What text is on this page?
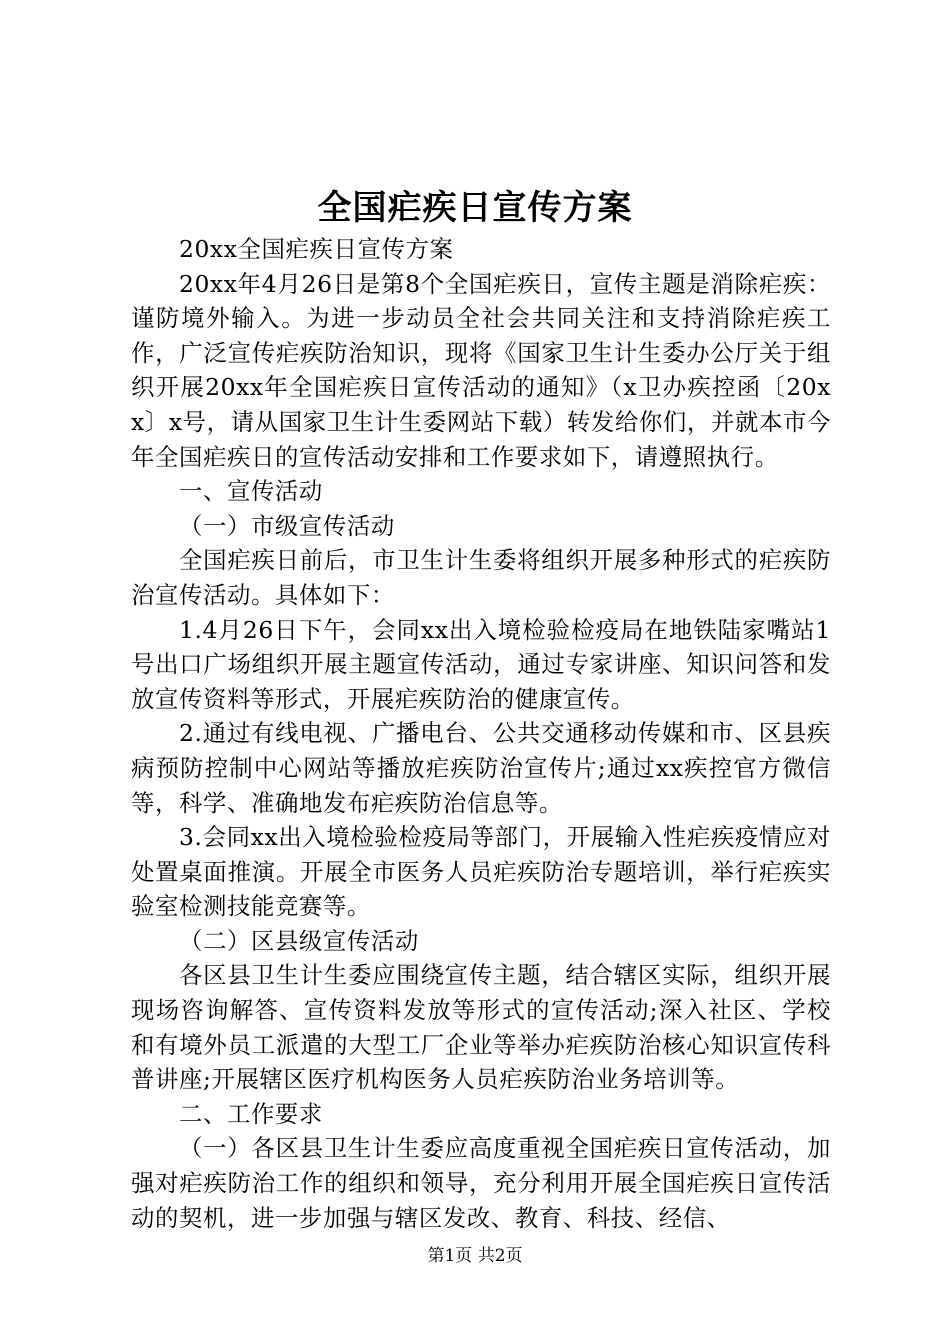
全国疟疾日宣传方案

20xx全国疟疾日宣传方案

20xx年4月26日是第8个全国疟疾日，宣传主题是消除疟疾：谨防境外输入。为进一步动员全社会共同关注和支持消除疟疾工作，广泛宣传疟疾防治知识，现将《国家卫生计生委办公厅关于组织开展20xx年全国疟疾日宣传活动的通知》（x卫办疾控函〔20xx〕x号，请从国家卫生计生委网站下载）转发给你们，并就本市今年全国疟疾日的宣传活动安排和工作要求如下，请遵照执行。

一、宣传活动

（一）市级宣传活动

全国疟疾日前后，市卫生计生委将组织开展多种形式的疟疾防治宣传活动。具体如下：

1.4月26日下午，会同xx出入境检验检疫局在地铁陆家嘴站1号出口广场组织开展主题宣传活动，通过专家讲座、知识问答和发放宣传资料等形式，开展疟疾防治的健康宣传。

2.通过有线电视、广播电台、公共交通移动传媒和市、区县疾病预防控制中心网站等播放疟疾防治宣传片;通过xx疾控官方微信等，科学、准确地发布疟疾防治信息等。

3.会同xx出入境检验检疫局等部门，开展输入性疟疾疫情应对处置桌面推演。开展全市医务人员疟疾防治专题培训，举行疟疾实验室检测技能竞赛等。

（二）区县级宣传活动

各区县卫生计生委应围绕宣传主题，结合辖区实际，组织开展现场咨询解答、宣传资料发放等形式的宣传活动;深入社区、学校和有境外员工派遣的大型工厂企业等举办疟疾防治核心知识宣传科普讲座;开展辖区医疗机构医务人员疟疾防治业务培训等。

二、工作要求

（一）各区县卫生计生委应高度重视全国疟疾日宣传活动，加强对疟疾防治工作的组织和领导，充分利用开展全国疟疾日宣传活动的契机，进一步加强与辖区发改、教育、科技、经信、

第1页 共2页
